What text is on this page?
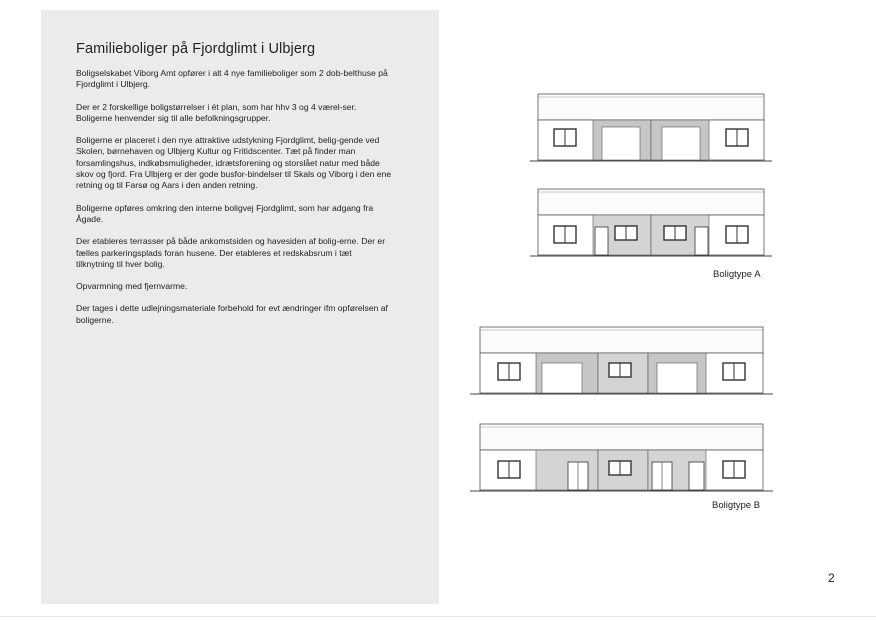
Familieboliger på Fjordglimt i Ulbjerg

Boligselskabet Viborg Amt opfører i alt 4 nye familieboliger som 2 dob-belthuse på Fjordglimt i Ulbjerg.

Der er 2 forskellige boligstørrelser i ét plan, som har hhv 3 og 4 værel-ser. Boligerne henvender sig til alle befolkningsgrupper.

Boligerne er placeret i den nye attraktive udstykning Fjordglimt, belig-gende ved Skolen, børnehaven og Ulbjerg Kultur og Fritidscenter. Tæt på finder man forsamlingshus, indkøbsmuligheder, idrætsforening og storslået natur med både skov og fjord. Fra Ulbjerg er der gode busfor-bindelser til Skals og Viborg i den ene retning og til Farsø og Aars i den anden retning.

Boligerne opføres omkring den interne boligvej Fjordglimt, som har adgang fra Ågade.

Der etableres terrasser på både ankomstsiden og havesiden af bolig-erne. Der er fælles parkeringsplads foran husene. Der etableres et redskabsrum i tæt tilknytning til hver bolig.

Opvarmning med fjernvarme.

Der tages i dette udlejningsmateriale forbehold for evt ændringer ifm opførelsen af boligerne.

Boligtype A
Boligtype B
2
